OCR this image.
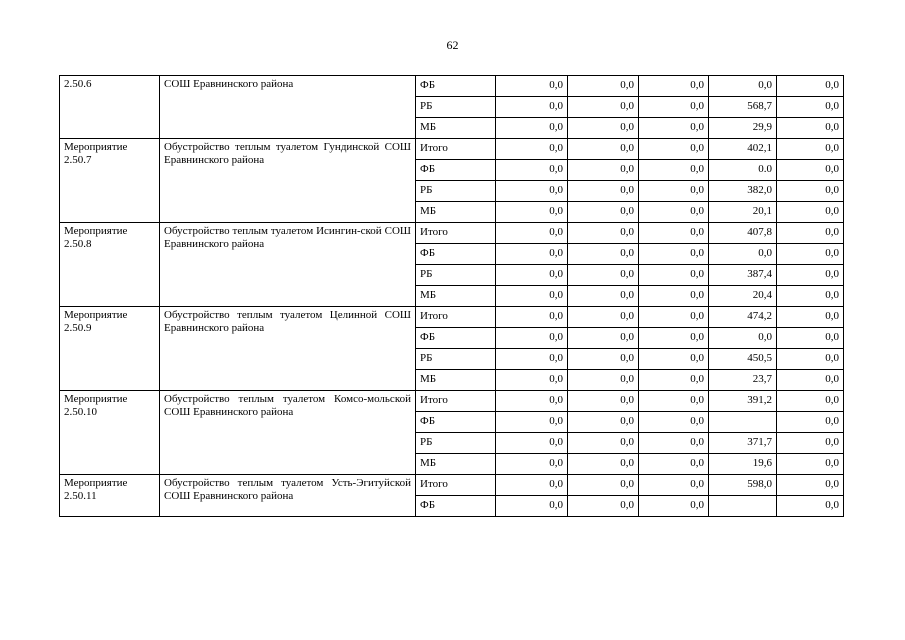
62
2.50.6	СОШ Еравнинского района	ФБ	0,0	0,0	0,0	0,0	0,0
		РБ	0,0	0,0	0,0	568,7	0,0
		МБ	0,0	0,0	0,0	29,9	0,0
Мероприятие 2.50.7	Обустройство теплым туалетом Гундинской СОШ Еравнинского района	Итого	0,0	0,0	0,0	402,1	0,0
		ФБ	0,0	0,0	0,0	0.0	0,0
		РБ	0,0	0,0	0,0	382,0	0,0
		МБ	0,0	0,0	0,0	20,1	0,0
Мероприятие 2.50.8	Обустройство теплым туалетом Исингин-ской СОШ Еравнинского района	Итого	0,0	0,0	0,0	407,8	0,0
		ФБ	0,0	0,0	0,0	0,0	0,0
		РБ	0,0	0,0	0,0	387,4	0,0
		МБ	0,0	0,0	0,0	20,4	0,0
Мероприятие 2.50.9	Обустройство теплым туалетом Целинной СОШ Еравнинского района	Итого	0,0	0,0	0,0	474,2	0,0
		ФБ	0,0	0,0	0,0	0,0	0,0
		РБ	0,0	0,0	0,0	450,5	0,0
		МБ	0,0	0,0	0,0	23,7	0,0
Мероприятие 2.50.10	Обустройство теплым туалетом Комсо-мольской СОШ Еравнинского района	Итого	0,0	0,0	0,0	391,2	0,0
		ФБ	0,0	0,0	0,0		0,0
		РБ	0,0	0,0	0,0	371,7	0,0
		МБ	0,0	0,0	0,0	19,6	0,0
Мероприятие 2.50.11	Обустройство теплым туалетом Усть-Эгитуйской СОШ Еравнинского района	Итого	0,0	0,0	0,0	598,0	0,0
		ФБ	0,0	0,0	0,0		0,0
